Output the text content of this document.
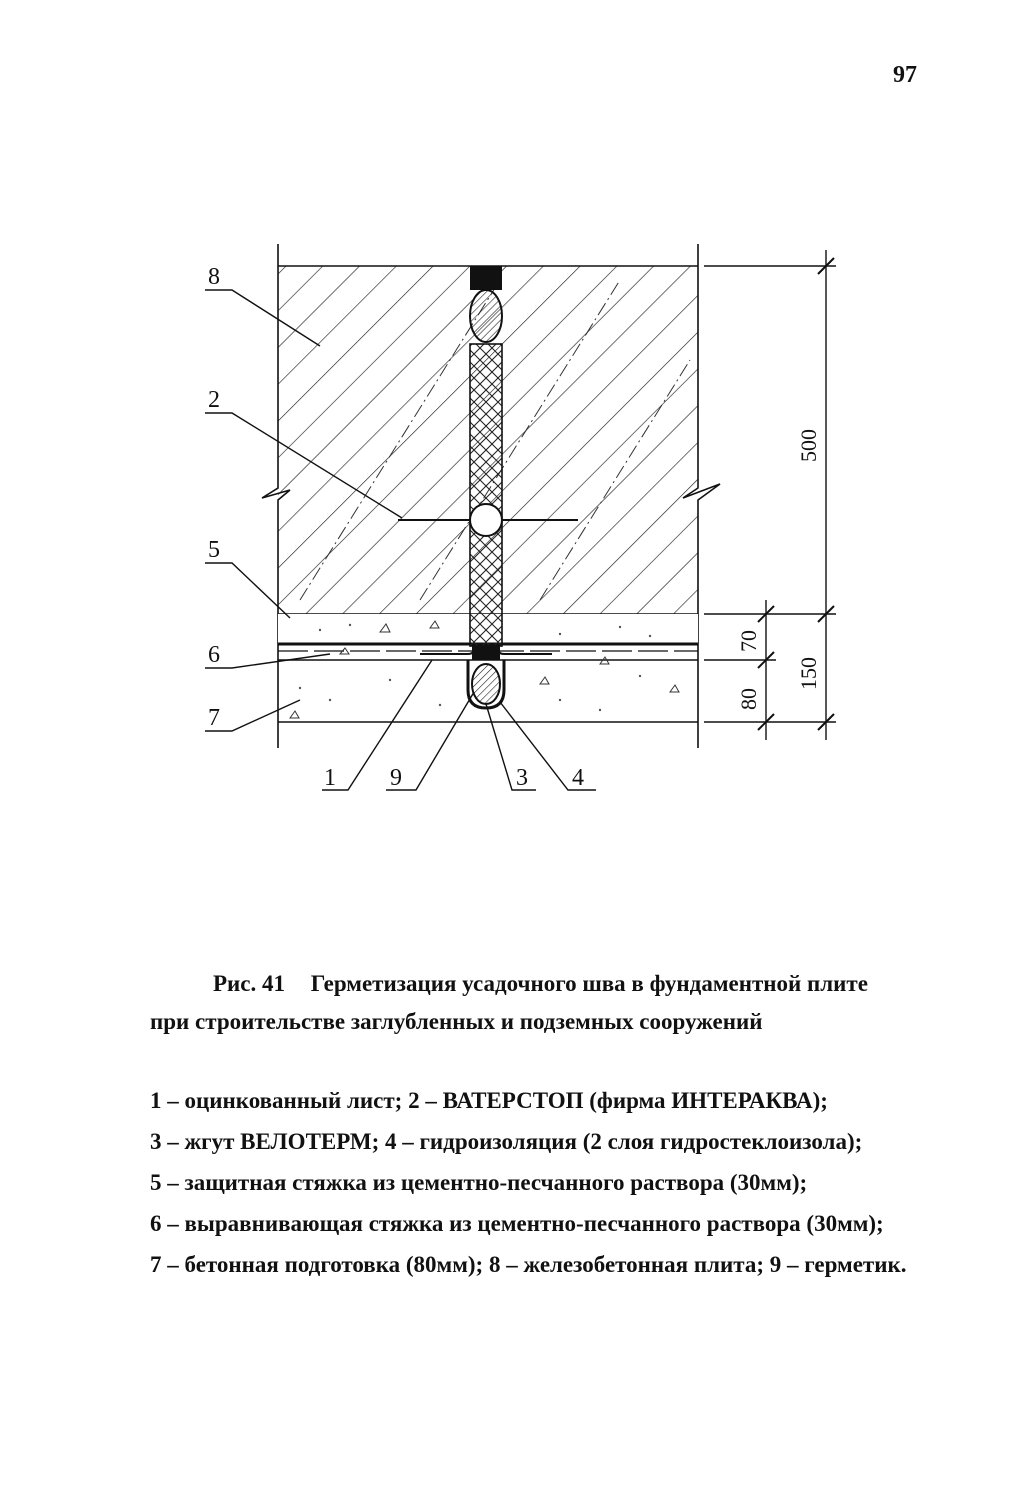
97
8
2
5
6
7
1 9	3 4
500
70
150
80
Рис. 41 Герметизация усадочного шва в фундаментной плите
при строительстве заглубленных и подземных сооружений
1 – оцинкованный лист; 2 – ВАТЕРСТОП (фирма ИНТЕРАКВА);
3 – жгут ВЕЛОТЕРМ; 4 – гидроизоляция (2 слоя гидростеклоизола);
5 – защитная стяжка из цементно-песчанного раствора (30мм);
6 – выравнивающая стяжка из цементно-песчанного раствора (30мм);
7 – бетонная подготовка (80мм); 8 – железобетонная плита; 9 – герметик.
